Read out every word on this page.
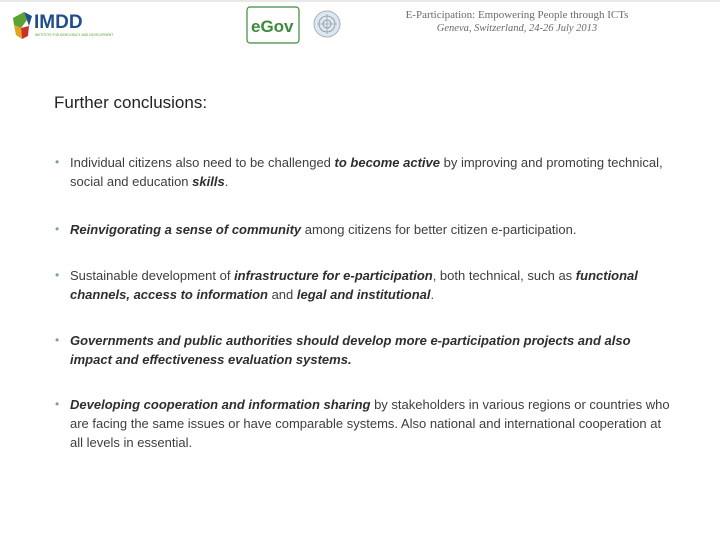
IMDD
INSTITUTE FOR DEMOCRACY AND DEVELOPMENT	eGov
E-Participation: Empowering People through ICTs
Geneva, Switzerland, 24-26 July 2013
Further conclusions:
• Individual citizens also need to be challenged to become active by improving and promoting technical, social and education skills.
• Reinvigorating a sense of community among citizens for better citizen e-participation.
• Sustainable development of infrastructure for e-participation, both technical, such as functional channels, access to information and legal and institutional.
• Governments and public authorities should develop more e-participation projects and also impact and effectiveness evaluation systems.
• Developing cooperation and information sharing by stakeholders in various regions or countries who are facing the same issues or have comparable systems. Also national and international cooperation at all levels in essential.
